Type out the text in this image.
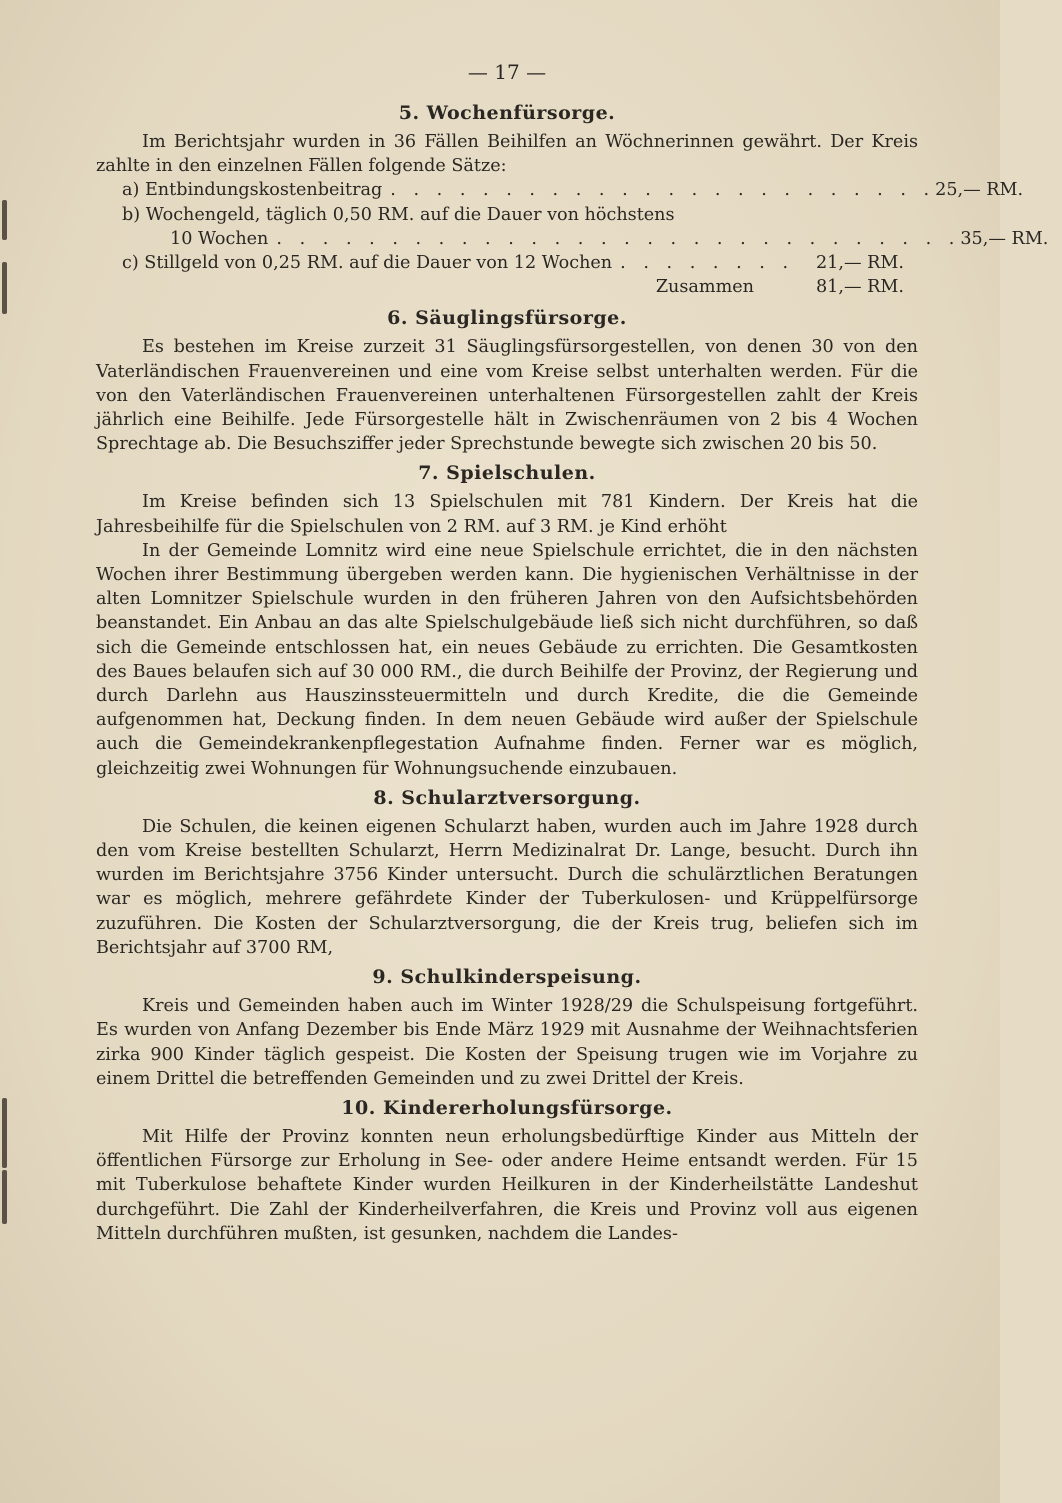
— 17 —
5. Wochenfürsorge.

Im Berichtsjahr wurden in 36 Fällen Beihilfen an Wöchnerinnen gewährt. Der Kreis zahlte in den einzelnen Fällen folgende Sätze:

a) Entbindungskostenbeitrag . . . . . . . . . . . . . . . . . . . . . . . . 25,— RM.
b) Wochengeld, täglich 0,50 RM. auf die Dauer von höchstens
10 Wochen . . . . . . . . . . . . . . . . . . . . . . . . . . . . . . 35,— RM.
c) Stillgeld von 0,25 RM. auf die Dauer von 12 Wochen . . . . . . . .	21,— RM.
Zusammen	81,— RM.
6. Säuglingsfürsorge.

Es bestehen im Kreise zurzeit 31 Säuglingsfürsorgestellen, von denen 30 von den Vaterländischen Frauenvereinen und eine vom Kreise selbst unterhalten werden. Für die von den Vaterländischen Frauenvereinen unterhaltenen Fürsorgestellen zahlt der Kreis jährlich eine Beihilfe. Jede Fürsorgestelle hält in Zwischenräumen von 2 bis 4 Wochen Sprechtage ab. Die Besuchsziffer jeder Sprechstunde bewegte sich zwischen 20 bis 50.

7. Spielschulen.

Im Kreise befinden sich 13 Spielschulen mit 781 Kindern. Der Kreis hat die Jahresbeihilfe für die Spielschulen von 2 RM. auf 3 RM. je Kind erhöht

In der Gemeinde Lomnitz wird eine neue Spielschule errichtet, die in den nächsten Wochen ihrer Bestimmung übergeben werden kann. Die hygienischen Verhältnisse in der alten Lomnitzer Spielschule wurden in den früheren Jahren von den Aufsichtsbehörden beanstandet. Ein Anbau an das alte Spielschulgebäude ließ sich nicht durchführen, so daß sich die Gemeinde entschlossen hat, ein neues Gebäude zu errichten. Die Gesamtkosten des Baues belaufen sich auf 30 000 RM., die durch Beihilfe der Provinz, der Regierung und durch Darlehn aus Hauszinssteuermitteln und durch Kredite, die die Gemeinde aufgenommen hat, Deckung finden. In dem neuen Gebäude wird außer der Spielschule auch die Gemeindekrankenpflegestation Aufnahme finden. Ferner war es möglich, gleichzeitig zwei Wohnungen für Wohnungsuchende einzubauen.

8. Schularztversorgung.

Die Schulen, die keinen eigenen Schularzt haben, wurden auch im Jahre 1928 durch den vom Kreise bestellten Schularzt, Herrn Medizinalrat Dr. Lange, besucht. Durch ihn wurden im Berichtsjahre 3756 Kinder untersucht. Durch die schulärztlichen Beratungen war es möglich, mehrere gefährdete Kinder der Tuberkulosen- und Krüppelfürsorge zuzuführen. Die Kosten der Schularztversorgung, die der Kreis trug, beliefen sich im Berichtsjahr auf 3700 RM,

9. Schulkinderspeisung.

Kreis und Gemeinden haben auch im Winter 1928/29 die Schulspeisung fortgeführt. Es wurden von Anfang Dezember bis Ende März 1929 mit Ausnahme der Weihnachtsferien zirka 900 Kinder täglich gespeist. Die Kosten der Speisung trugen wie im Vorjahre zu einem Drittel die betreffenden Gemeinden und zu zwei Drittel der Kreis.

10. Kindererholungsfürsorge.

Mit Hilfe der Provinz konnten neun erholungsbedürftige Kinder aus Mitteln der öffentlichen Fürsorge zur Erholung in See- oder andere Heime entsandt werden. Für 15 mit Tuberkulose behaftete Kinder wurden Heilkuren in der Kinderheilstätte Landeshut durchgeführt. Die Zahl der Kinderheilverfahren, die Kreis und Provinz voll aus eigenen Mitteln durchführen mußten, ist gesunken, nachdem die Landes-
